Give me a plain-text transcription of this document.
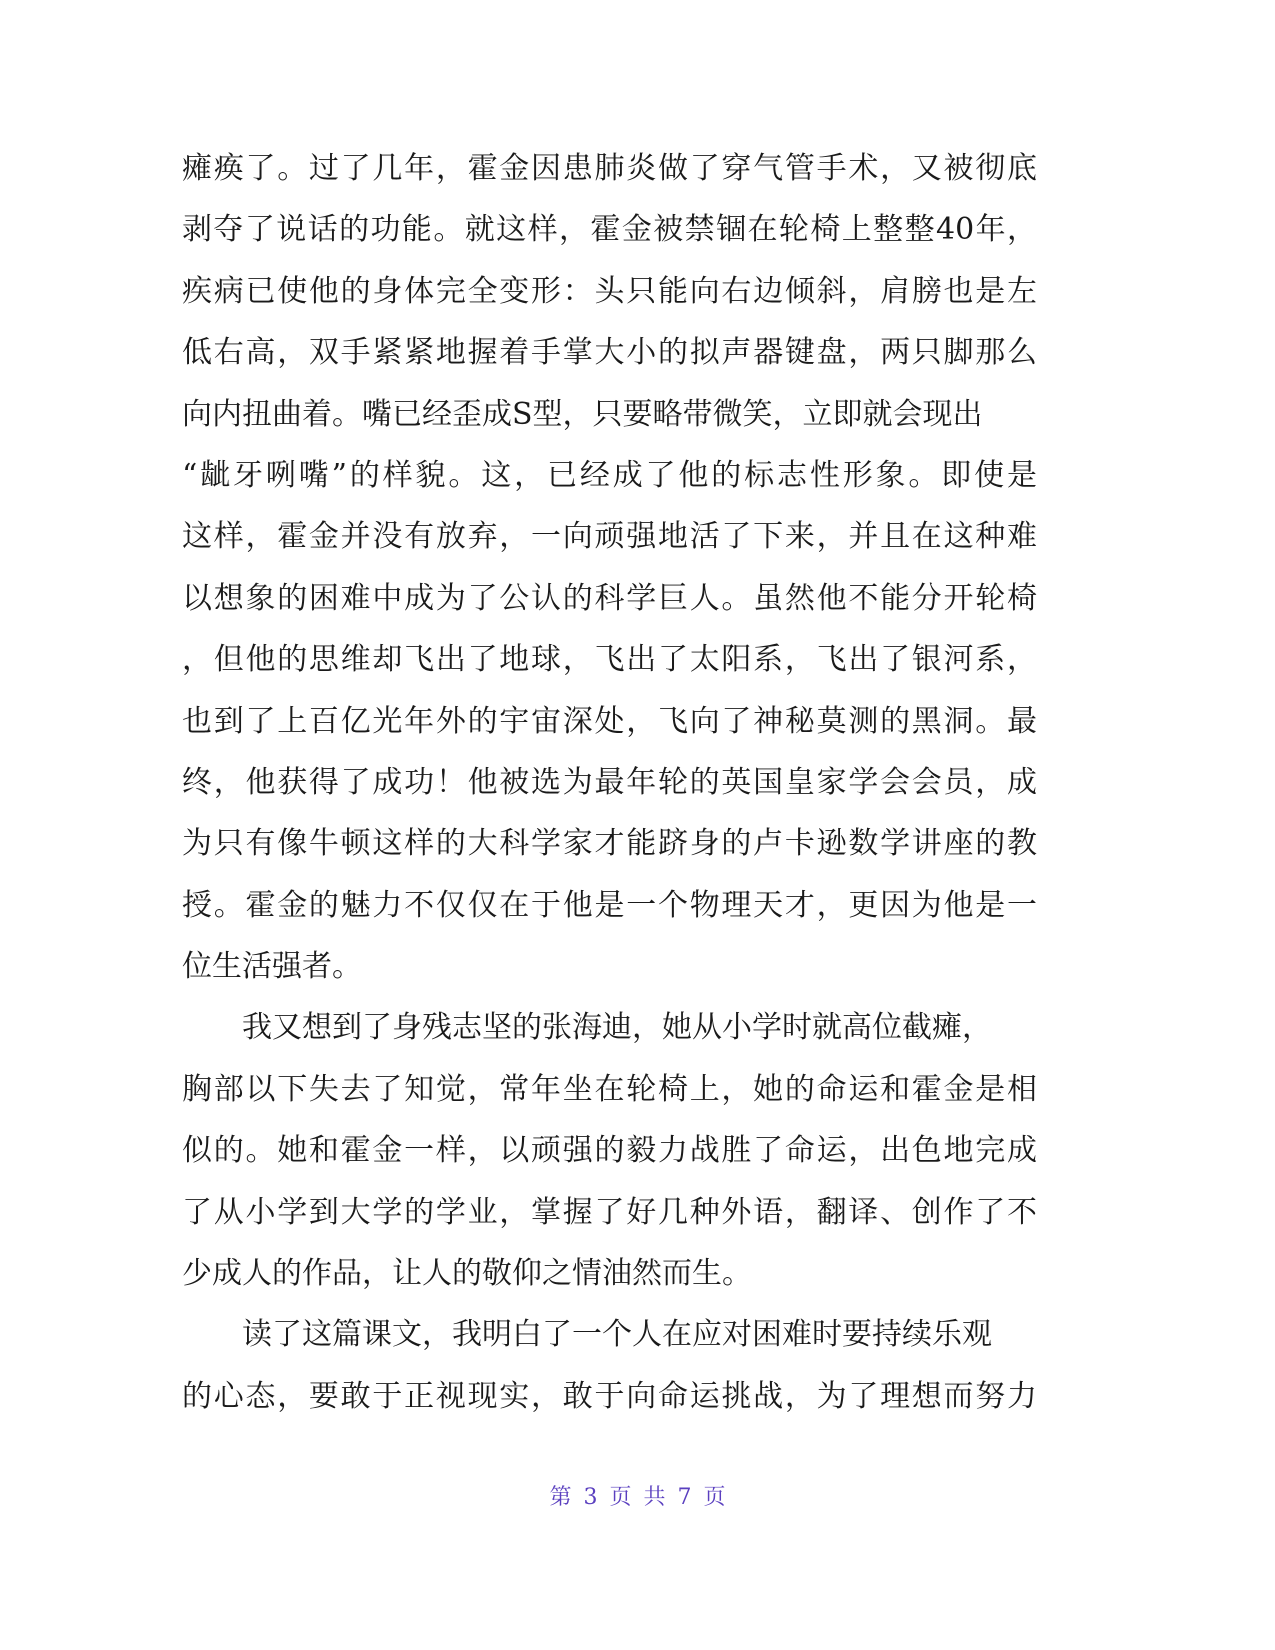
瘫痪了。过了几年，霍金因患肺炎做了穿气管手术，又被彻底
剥夺了说话的功能。就这样，霍金被禁锢在轮椅上整整40年，
疾病已使他的身体完全变形：头只能向右边倾斜，肩膀也是左
低右高，双手紧紧地握着手掌大小的拟声器键盘，两只脚那么
向内扭曲着。嘴已经歪成S型，只要略带微笑，立即就会现出
“龇牙咧嘴”的样貌。这，已经成了他的标志性形象。即使是
这样，霍金并没有放弃，一向顽强地活了下来，并且在这种难
以想象的困难中成为了公认的科学巨人。虽然他不能分开轮椅
，但他的思维却飞出了地球，飞出了太阳系，飞出了银河系，
也到了上百亿光年外的宇宙深处，飞向了神秘莫测的黑洞。最
终，他获得了成功！他被选为最年轮的英国皇家学会会员，成
为只有像牛顿这样的大科学家才能跻身的卢卡逊数学讲座的教
授。霍金的魅力不仅仅在于他是一个物理天才，更因为他是一
位生活强者。
我又想到了身残志坚的张海迪，她从小学时就高位截瘫，
胸部以下失去了知觉，常年坐在轮椅上，她的命运和霍金是相
似的。她和霍金一样，以顽强的毅力战胜了命运，出色地完成
了从小学到大学的学业，掌握了好几种外语，翻译、创作了不
少成人的作品，让人的敬仰之情油然而生。
读了这篇课文，我明白了一个人在应对困难时要持续乐观
的心态，要敢于正视现实，敢于向命运挑战，为了理想而努力
第 3 页 共 7 页
